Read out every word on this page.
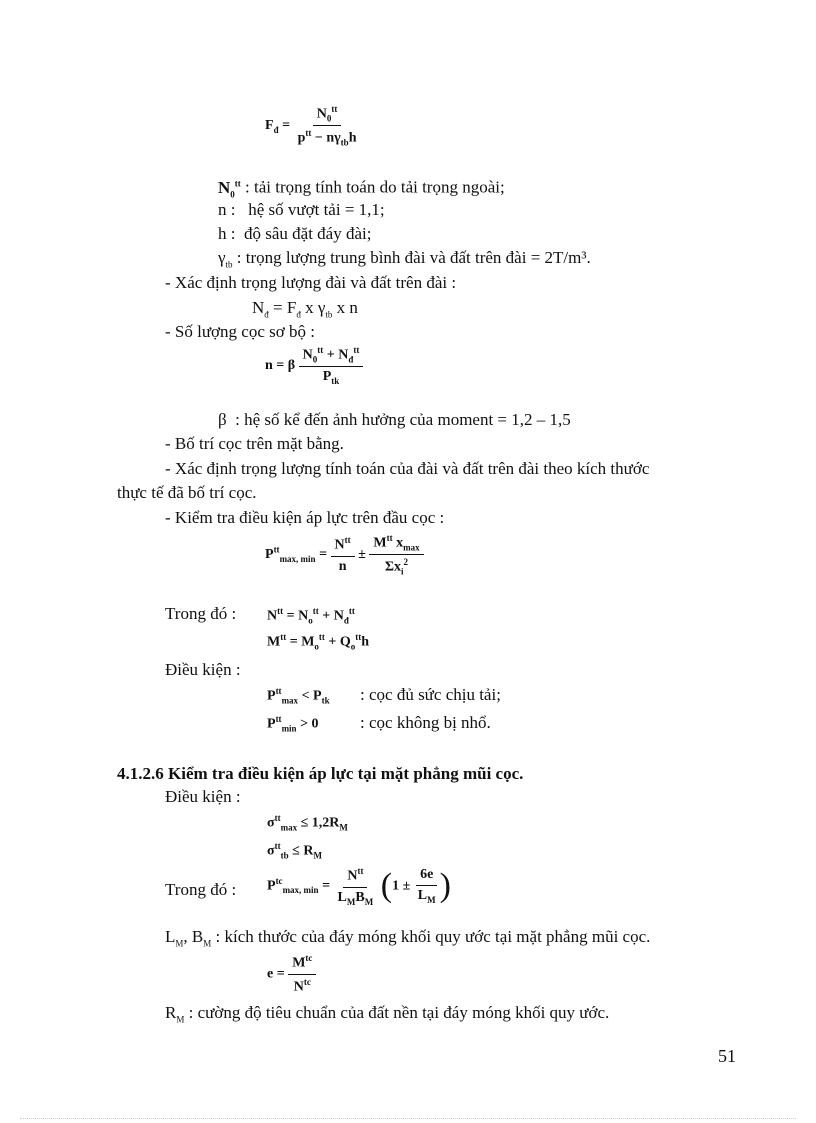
$F_đ = \frac{N_0^{tt}}{p^{tt} - n\gamma_{tb}h}$
$N_0^{tt}$ : tải trọng tính toán do tải trọng ngoài;
n : hệ số vượt tải = 1,1;
h : độ sâu đặt đáy đài;
$\gamma_{tb}$ : trọng lượng trung bình đài và đất trên đài = 2T/m³.
- Xác định trọng lượng đài và đất trên đài :
$N_đ = F_đ$ x $\gamma_{tb}$ x n
- Số lượng cọc sơ bộ :
n = β $\frac{N_0^{tt} + N_đ^{tt}}{P_{tk}}$
β : hệ số kể đến ảnh hưởng của moment = 1,2 – 1,5
- Bố trí cọc trên mặt bằng.
- Xác định trọng lượng tính toán của đài và đất trên đài theo kích thước
thực tế đã bố trí cọc.
- Kiểm tra điều kiện áp lực trên đầu cọc :
$P^{tt}_{max, min} = \frac{N^{tt}}{n} \pm \frac{M^{tt} x_{max}}{\Sigma x_i^2}$
Trong đó : $N^{tt} = N_o^{tt} + N_đ^{tt}$
$M^{tt} = M_o^{tt} + Q_o^{tt}h$
Điều kiện :
$P^{tt}_{max} < P_{tk}$ : cọc đủ sức chịu tải;
$P^{tt}_{min} > 0$ : cọc không bị nhổ.
4.1.2.6 Kiểm tra điều kiện áp lực tại mặt phẳng mũi cọc.
Điều kiện :
$\sigma^{tt}_{max} \le 1,2R_M$
$\sigma^{tt}_{tb} \le R_M$
Trong đó : $P^{tc}_{max, min} = \frac{N^{tt}}{L_MB_M} (1 \pm \frac{6e}{L_M}$ )
$L_M$, $B_M$ : kích thước của đáy móng khối quy ước tại mặt phẳng mũi cọc.
$e = \frac{M^{tc}}{N^{tc}}$
$R_M$ : cường độ tiêu chuẩn của đất nền tại đáy móng khối quy ước.
51
